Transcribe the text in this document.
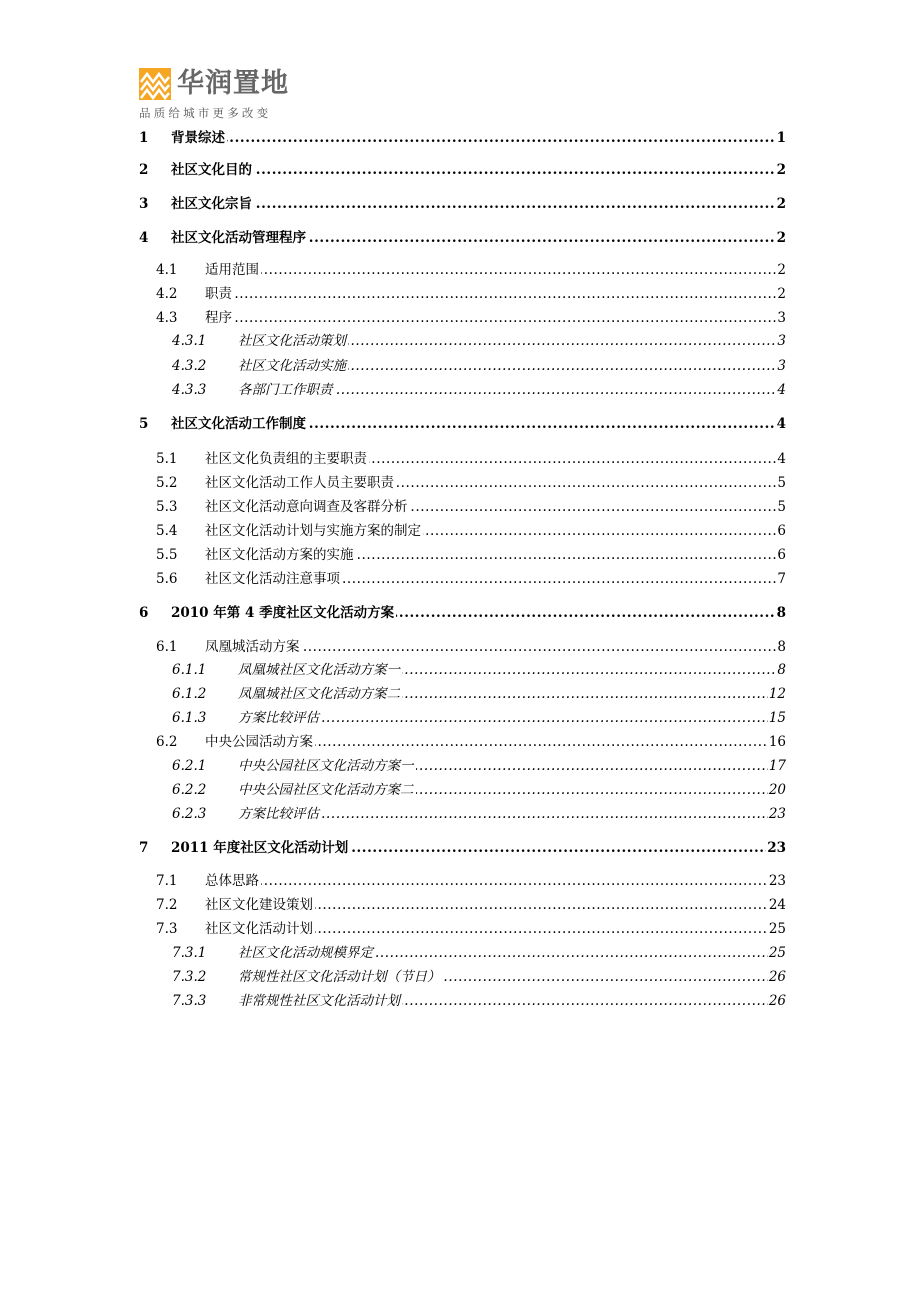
华润置地
品质给城市更多改变
1 ..... 背景综述	1
2 ..... 社区文化目的	2
3 ..... 社区文化宗旨	2
4 ..... 社区文化活动管理程序	2
4.1 ..... 适用范围	2
4.2 ..... 职责	2
4.3 ..... 程序	3
4.3.1 ..... 社区文化活动策划	3
4.3.2 ..... 社区文化活动实施	3
4.3.3 ..... 各部门工作职责	4
5 ..... 社区文化活动工作制度	4
5.1 ..... 社区文化负责组的主要职责	4
5.2 ..... 社区文化活动工作人员主要职责	5
5.3 ..... 社区文化活动意向调查及客群分析	5
5.4 ..... 社区文化活动计划与实施方案的制定	6
5.5 ..... 社区文化活动方案的实施	6
5.6 ..... 社区文化活动注意事项	7
6 ..... 2010 年第 4 季度社区文化活动方案	8
6.1 ..... 凤凰城活动方案	8
6.1.1 ..... 凤凰城社区文化活动方案一	8
6.1.2 ..... 凤凰城社区文化活动方案二	12
6.1.3 ..... 方案比较评估	15
6.2 ..... 中央公园活动方案	16
6.2.1 ..... 中央公园社区文化活动方案一	17
6.2.2 ..... 中央公园社区文化活动方案二	20
6.2.3 ..... 方案比较评估	23
7 ..... 2011 年度社区文化活动计划	23
7.1 ..... 总体思路	23
7.2 ..... 社区文化建设策划	24
7.3 ..... 社区文化活动计划	25
7.3.1 ..... 社区文化活动规模界定	25
7.3.2 ..... 常规性社区文化活动计划（节日）	26
7.3.3 ..... 非常规性社区文化活动计划	26
